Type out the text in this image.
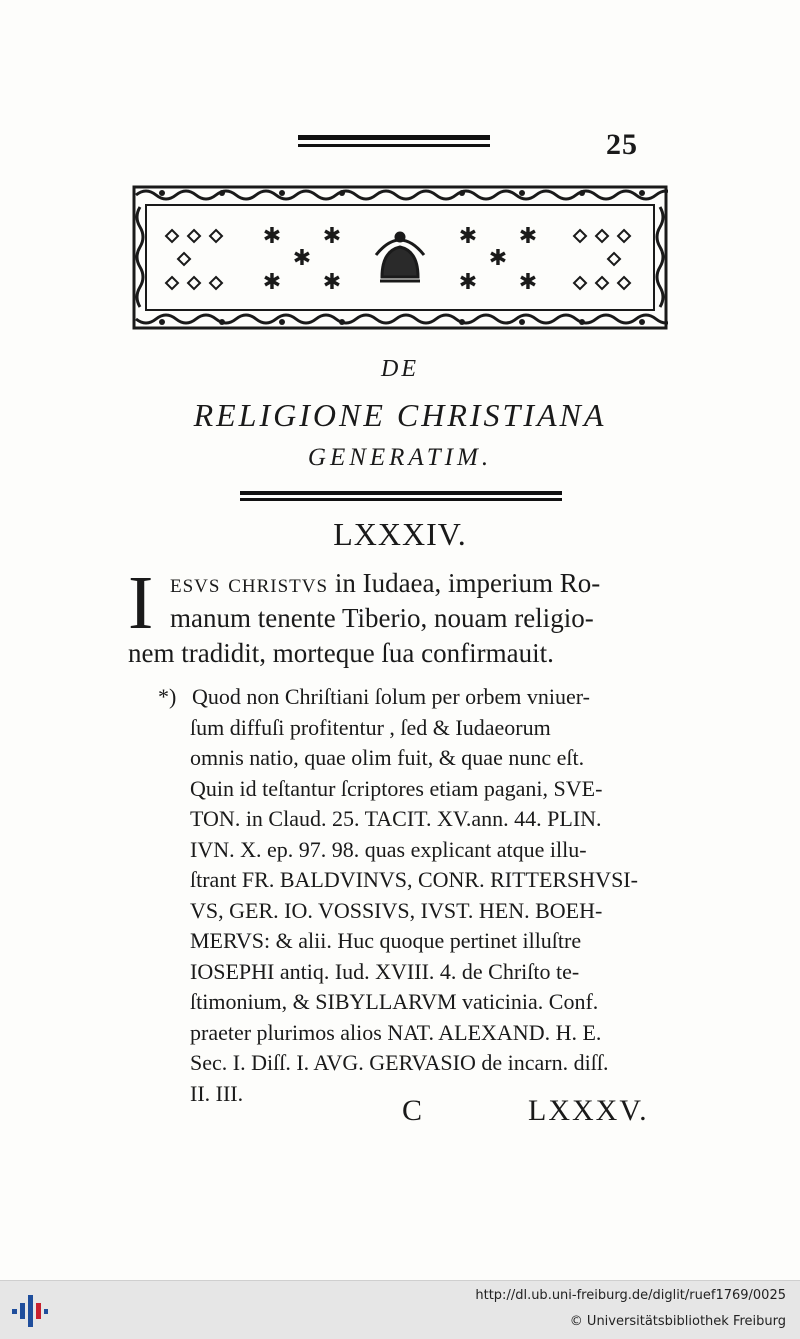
25
✱ ✱
✱
✱ ✱
✱ ✱
✱
✱ ✱
DE
RELIGIONE CHRISTIANA
GENERATIM.
LXXXIV.
I esvs christvs in Iudaea, imperium Ro-
manum tenente Tiberio, nouam religio-
nem tradidit, morteque ſua confirmauit.
*) Quod non Chriſtiani ſolum per orbem vniuer-
ſum diffuſi profitentur , ſed & Iudaeorum
omnis natio, quae olim fuit, & quae nunc eſt.
Quin id teſtantur ſcriptores etiam pagani, SVE-
TON. in Claud. 25. TACIT. XV.ann. 44. PLIN.
IVN. X. ep. 97. 98. quas explicant atque illu-
ſtrant FR. BALDVINVS, CONR. RITTERSHVSI-
VS, GER. IO. VOSSIVS, IVST. HEN. BOEH-
MERVS: & alii. Huc quoque pertinet illuſtre
IOSEPHI antiq. Iud. XVIII. 4. de Chriſto te-
ſtimonium, & SIBYLLARVM vaticinia. Conf.
praeter plurimos alios NAT. ALEXAND. H. E.
Sec. I. Diſſ. I. AVG. GERVASIO de incarn. diſſ.
II. III.
C	LXXXV.
http://dl.ub.uni-freiburg.de/diglit/ruef1769/0025
© Universitätsbibliothek Freiburg
